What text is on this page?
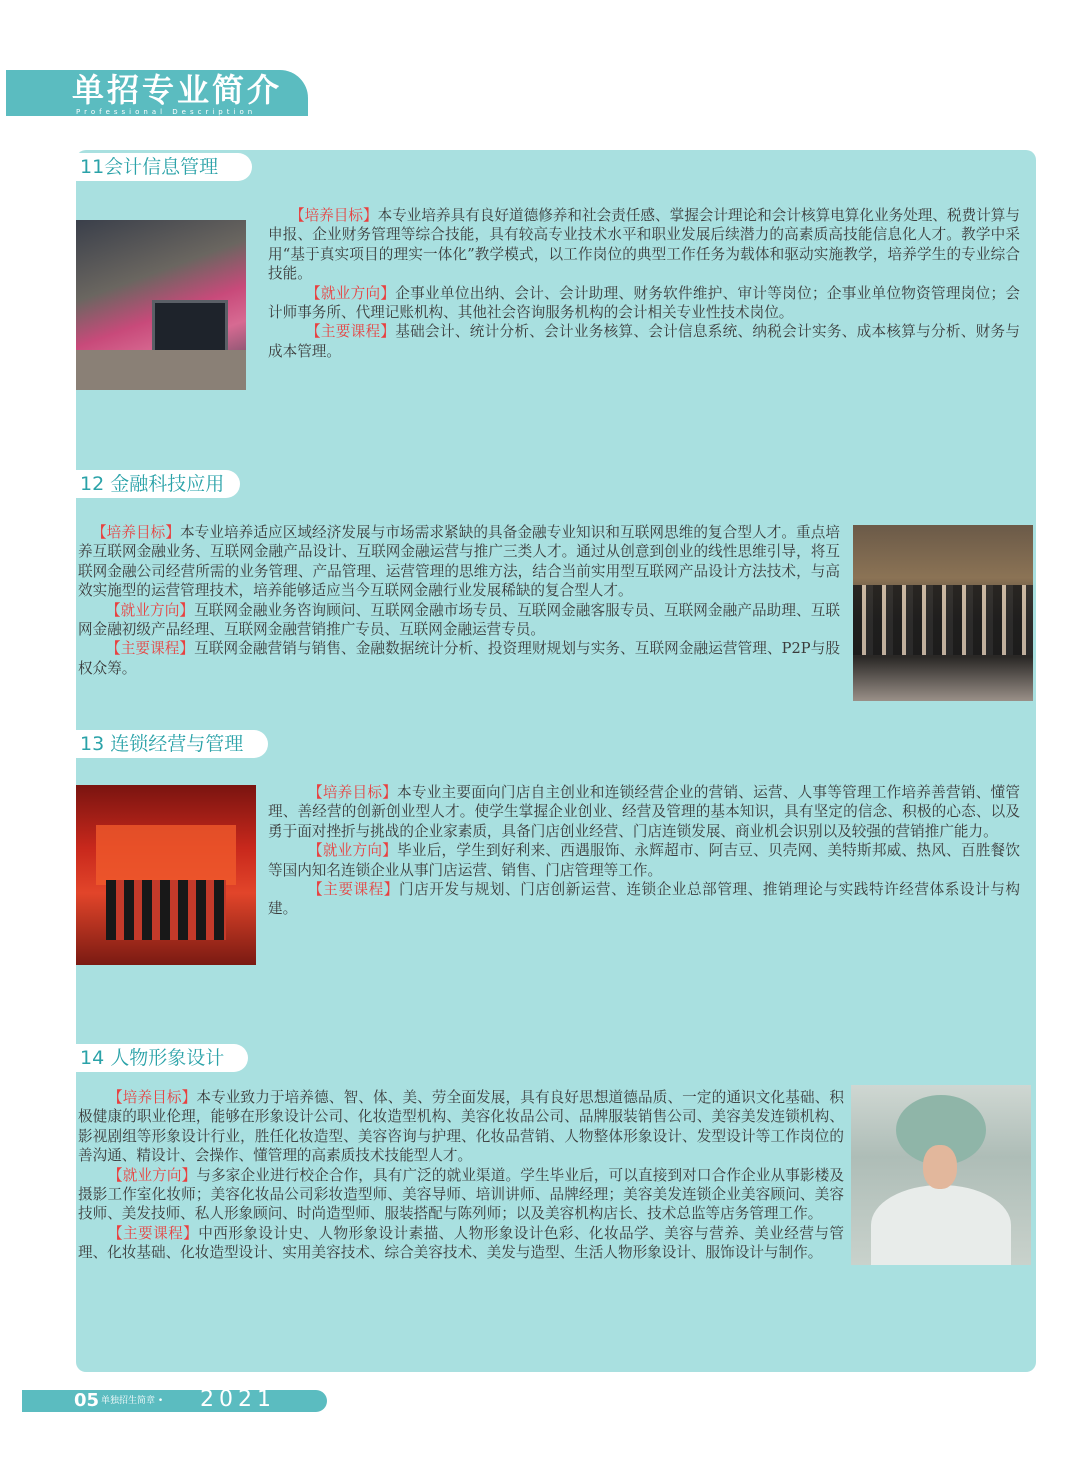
单招专业简介
Professional Description
11会计信息管理

【培养目标】本专业培养具有良好道德修养和社会责任感、掌握会计理论和会计核算电算化业务处理、税费计算与申报、企业财务管理等综合技能，具有较高专业技术水平和职业发展后续潜力的高素质高技能信息化人才。教学中采用“基于真实项目的理实一体化”教学模式，以工作岗位的典型工作任务为载体和驱动实施教学，培养学生的专业综合技能。

【就业方向】企事业单位出纳、会计、会计助理、财务软件维护、审计等岗位；企事业单位物资管理岗位；会计师事务所、代理记账机构、其他社会咨询服务机构的会计相关专业性技术岗位。

【主要课程】基础会计、统计分析、会计业务核算、会计信息系统、纳税会计实务、成本核算与分析、财务与成本管理。

12 金融科技应用

【培养目标】本专业培养适应区域经济发展与市场需求紧缺的具备金融专业知识和互联网思维的复合型人才。重点培养互联网金融业务、互联网金融产品设计、互联网金融运营与推广三类人才。通过从创意到创业的线性思维引导，将互联网金融公司经营所需的业务管理、产品管理、运营管理的思维方法，结合当前实用型互联网产品设计方法技术，与高效实施型的运营管理技术，培养能够适应当今互联网金融行业发展稀缺的复合型人才。

【就业方向】互联网金融业务咨询顾问、互联网金融市场专员、互联网金融客服专员、互联网金融产品助理、互联网金融初级产品经理、互联网金融营销推广专员、互联网金融运营专员。

【主要课程】互联网金融营销与销售、金融数据统计分析、投资理财规划与实务、互联网金融运营管理、P2P与股权众筹。

13 连锁经营与管理

【培养目标】本专业主要面向门店自主创业和连锁经营企业的营销、运营、人事等管理工作培养善营销、懂管理、善经营的创新创业型人才。使学生掌握企业创业、经营及管理的基本知识，具有坚定的信念、积极的心态、以及勇于面对挫折与挑战的企业家素质，具备门店创业经营、门店连锁发展、商业机会识别以及较强的营销推广能力。

【就业方向】毕业后，学生到好利来、西遇服饰、永辉超市、阿吉豆、贝壳网、美特斯邦威、热风、百胜餐饮等国内知名连锁企业从事门店运营、销售、门店管理等工作。

【主要课程】门店开发与规划、门店创新运营、连锁企业总部管理、推销理论与实践特许经营体系设计与构建。

14 人物形象设计

【培养目标】本专业致力于培养德、智、体、美、劳全面发展，具有良好思想道德品质、一定的通识文化基础、积极健康的职业伦理，能够在形象设计公司、化妆造型机构、美容化妆品公司、品牌服装销售公司、美容美发连锁机构、影视剧组等形象设计行业，胜任化妆造型、美容咨询与护理、化妆品营销、人物整体形象设计、发型设计等工作岗位的善沟通、精设计、会操作、懂管理的高素质技术技能型人才。

【就业方向】与多家企业进行校企合作，具有广泛的就业渠道。学生毕业后，可以直接到对口合作企业从事影楼及摄影工作室化妆师；美容化妆品公司彩妆造型师、美容导师、培训讲师、品牌经理；美容美发连锁企业美容顾问、美容技师、美发技师、私人形象顾问、时尚造型师、服装搭配与陈列师；以及美容机构店长、技术总监等店务管理工作。

【主要课程】中西形象设计史、人物形象设计素描、人物形象设计色彩、化妆品学、美容与营养、美业经营与管理、化妆基础、化妆造型设计、实用美容技术、综合美容技术、美发与造型、生活人物形象设计、服饰设计与制作。

05 单独招生简章 • 2021
